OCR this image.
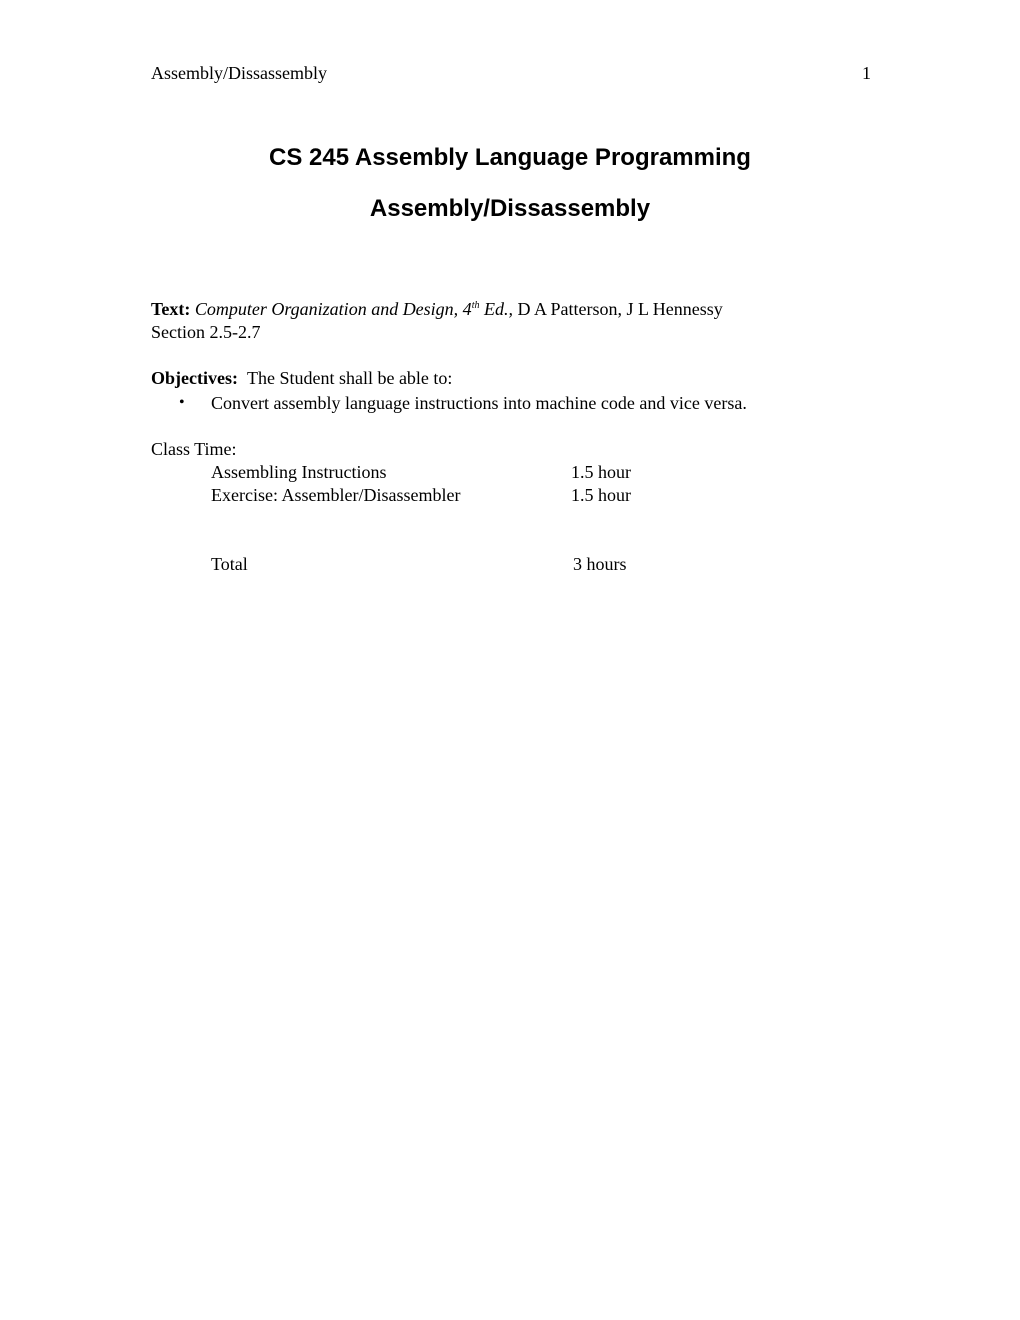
Assembly/Dissassembly	1
CS 245 Assembly Language Programming
Assembly/Dissassembly
Text: Computer Organization and Design, 4th Ed., D A Patterson, J L Hennessy
Section 2.5-2.7
Objectives: The Student shall be able to:
• Convert assembly language instructions into machine code and vice versa.
Class Time:
Assembling Instructions	1.5 hour
Exercise: Assembler/Disassembler	1.5 hour
Total	3 hours
